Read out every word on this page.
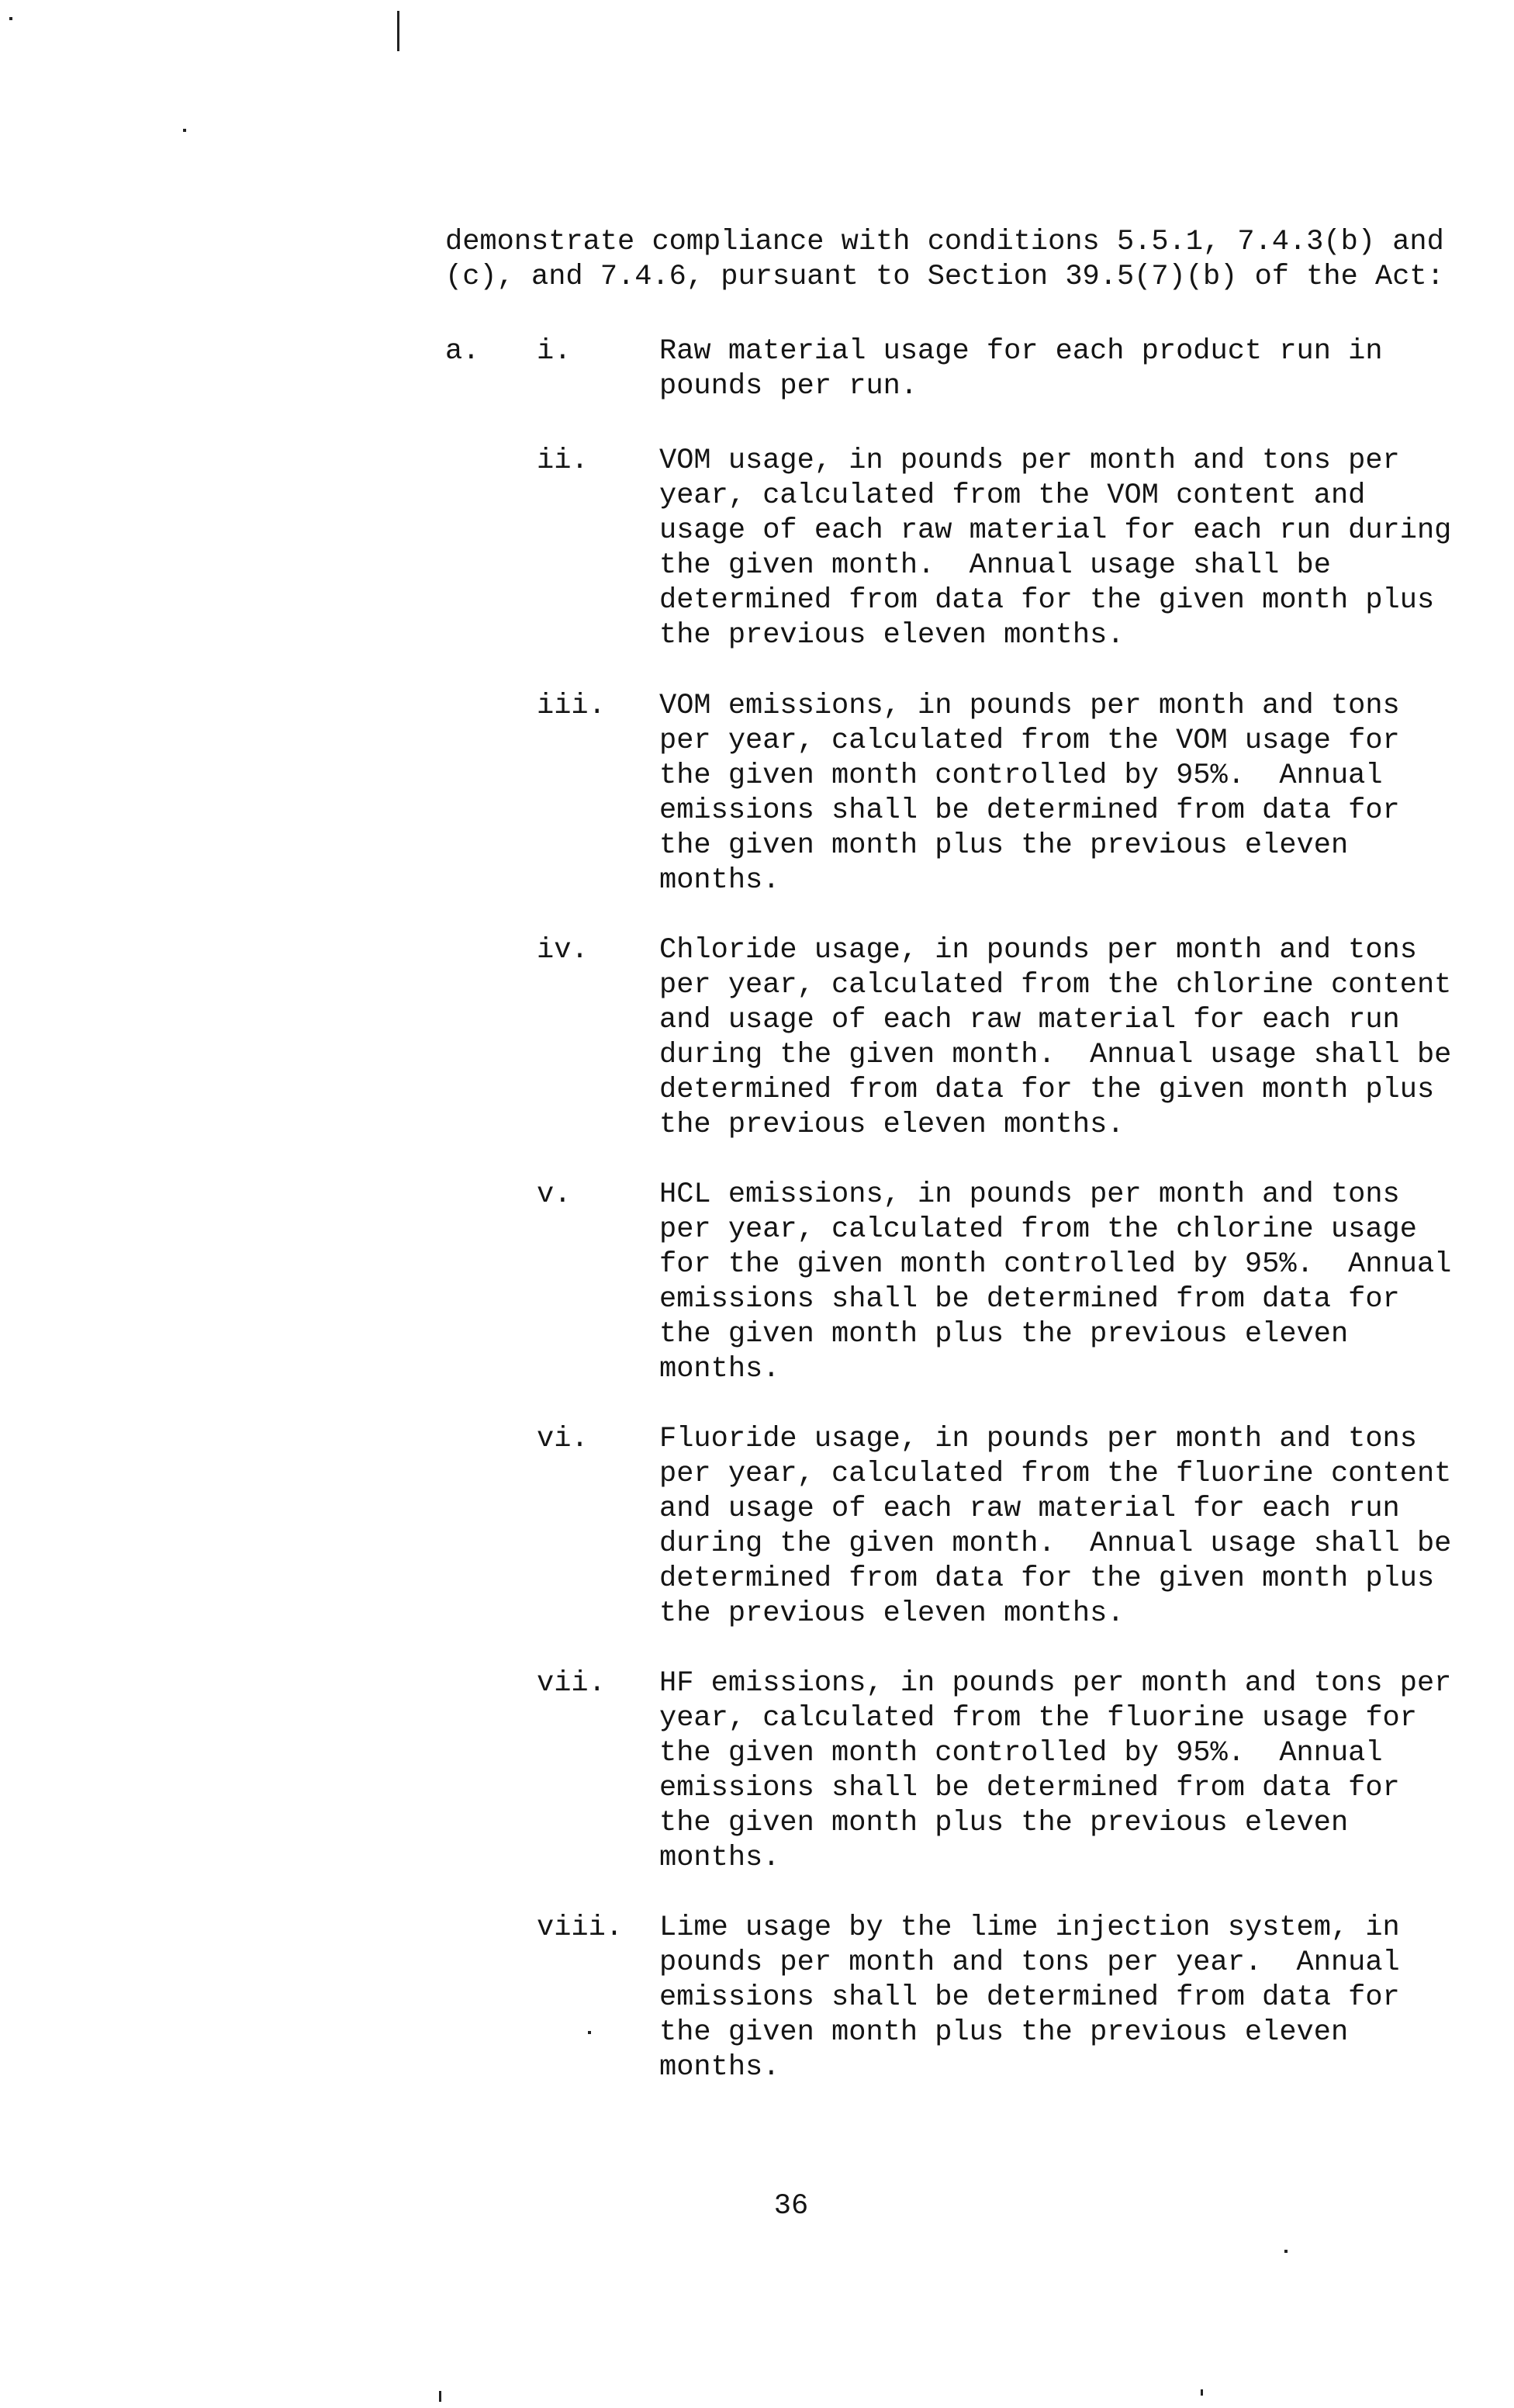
demonstrate compliance with conditions 5.5.1, 7.4.3(b) and
(c), and 7.4.6, pursuant to Section 39.5(7)(b) of the Act:
a. i.	Raw material usage for each product run in
pounds per run.
ii. VOM usage, in pounds per month and tons per
year, calculated from the VOM content and
usage of each raw material for each run during
the given month.  Annual usage shall be
determined from data for the given month plus
the previous eleven months.
iii. VOM emissions, in pounds per month and tons
per year, calculated from the VOM usage for
the given month controlled by 95%.  Annual
emissions shall be determined from data for
the given month plus the previous eleven
months.
iv. Chloride usage, in pounds per month and tons
per year, calculated from the chlorine content
and usage of each raw material for each run
during the given month.  Annual usage shall be
determined from data for the given month plus
the previous eleven months.
v.	HCL emissions, in pounds per month and tons
per year, calculated from the chlorine usage
for the given month controlled by 95%.  Annual
emissions shall be determined from data for
the given month plus the previous eleven
months.
vi. Fluoride usage, in pounds per month and tons
per year, calculated from the fluorine content
and usage of each raw material for each run
during the given month.  Annual usage shall be
determined from data for the given month plus
the previous eleven months.
vii. HF emissions, in pounds per month and tons per
year, calculated from the fluorine usage for
the given month controlled by 95%.  Annual
emissions shall be determined from data for
the given month plus the previous eleven
months.
viii. Lime usage by the lime injection system, in
pounds per month and tons per year.  Annual
emissions shall be determined from data for
the given month plus the previous eleven
months.
36
